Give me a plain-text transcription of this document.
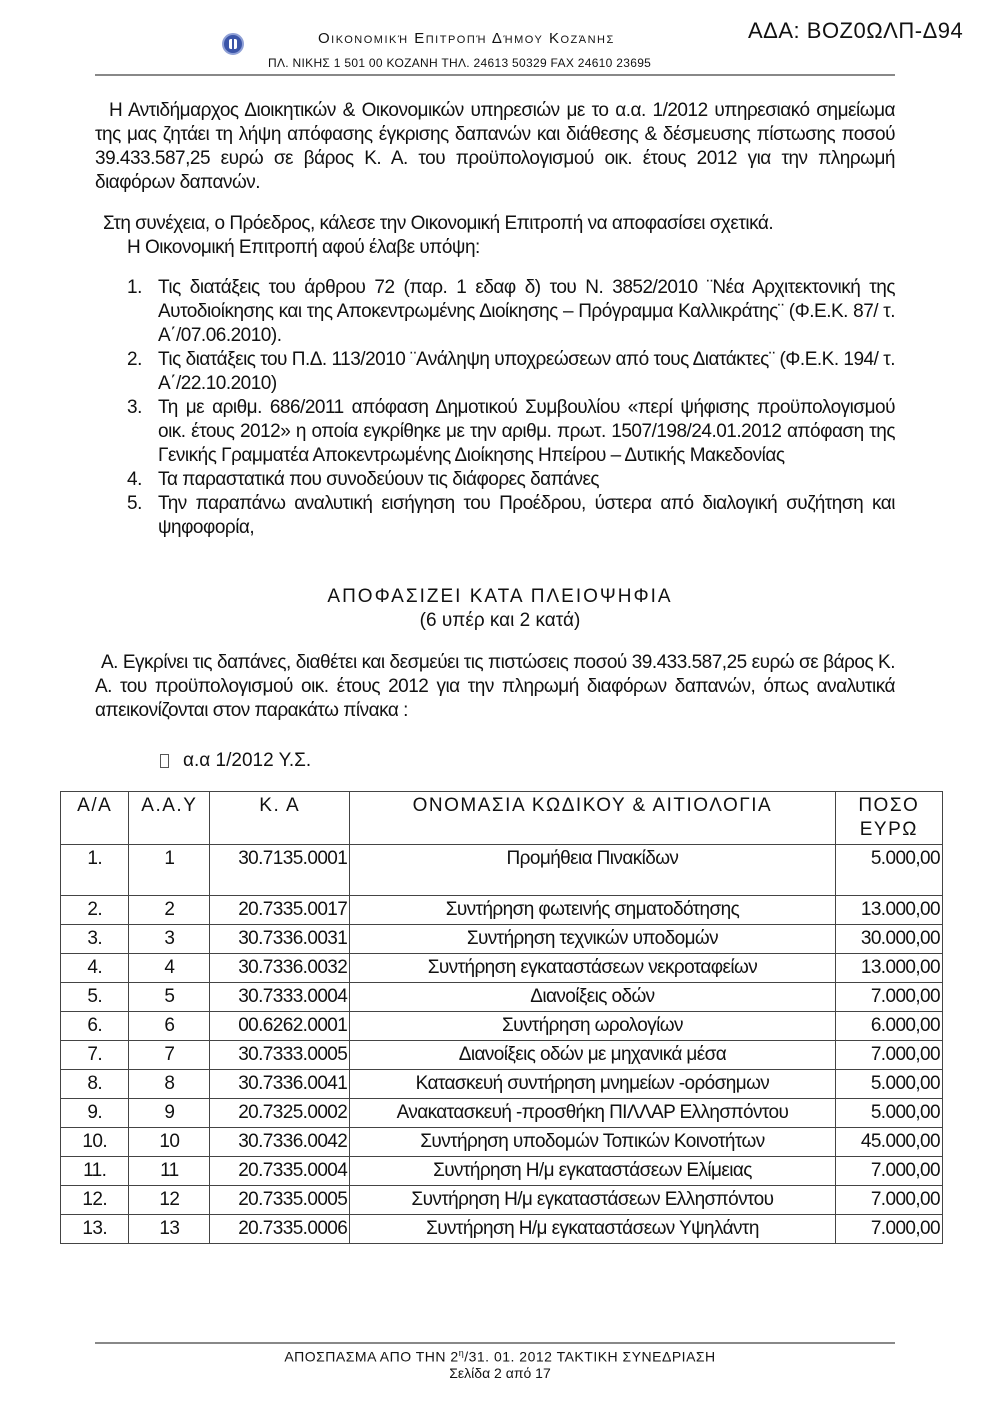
Οικονομική Επιτροπή Δήμου Κοζάνης
ΠΛ. ΝΙΚΗΣ 1 501 00 ΚΟΖΑΝΗ ΤΗΛ. 24613 50329 FAX 24610 23695
ΑΔΑ: ΒΟΖ0ΩΛΠ-Δ94
Η Αντιδήμαρχος Διοικητικών & Οικονομικών υπηρεσιών με το α.α. 1/2012 υπηρεσιακό σημείωμα της μας ζητάει τη λήψη απόφασης έγκρισης δαπανών και διάθεσης & δέσμευσης πίστωσης ποσού 39.433.587,25 ευρώ σε βάρος Κ. Α. του προϋπολογισμού οικ. έτους 2012 για την πληρωμή διαφόρων δαπανών.
Στη συνέχεια, ο Πρόεδρος, κάλεσε την Οικονομική Επιτροπή να αποφασίσει σχετικά.
Η Οικονομική Επιτροπή αφού έλαβε υπόψη:
1. Τις διατάξεις του άρθρου 72 (παρ. 1 εδαφ δ) του Ν. 3852/2010 ¨Νέα Αρχιτεκτονική της Αυτοδιοίκησης και της Αποκεντρωμένης Διοίκησης – Πρόγραμμα Καλλικράτης¨ (Φ.Ε.Κ. 87/ τ. Α΄/07.06.2010).
2. Τις διατάξεις του Π.Δ. 113/2010 ¨Ανάληψη υποχρεώσεων από τους Διατάκτες¨ (Φ.Ε.Κ. 194/ τ. Α΄/22.10.2010)
3. Τη με αριθμ. 686/2011 απόφαση Δημοτικού Συμβουλίου «περί ψήφισης προϋπολογισμού οικ. έτους 2012» η οποία εγκρίθηκε με την αριθμ. πρωτ. 1507/198/24.01.2012 απόφαση της Γενικής Γραμματέα Αποκεντρωμένης Διοίκησης Ηπείρου – Δυτικής Μακεδονίας
4. Τα παραστατικά που συνοδεύουν τις διάφορες δαπάνες
5. Την παραπάνω αναλυτική εισήγηση του Προέδρου, ύστερα από διαλογική συζήτηση και ψηφοφορία,
ΑΠΟΦΑΣΙΖΕΙ ΚΑΤΑ ΠΛΕΙΟΨΗΦΙΑ
(6 υπέρ και 2 κατά)
Α. Εγκρίνει τις δαπάνες, διαθέτει και δεσμεύει τις πιστώσεις ποσού 39.433.587,25 ευρώ σε βάρος Κ. Α. του προϋπολογισμού οικ. έτους 2012 για την πληρωμή διαφόρων δαπανών, όπως αναλυτικά απεικονίζονται στον παρακάτω πίνακα :
α.α 1/2012 Υ.Σ.
Α/Α	Α.Α.Υ	Κ. Α	ΟΝΟΜΑΣΙΑ ΚΩΔΙΚΟΥ & ΑΙΤΙΟΛΟΓΙΑ	ΠΟΣΟ ΕΥΡΩ
1.	1	30.7135.0001	Προμήθεια Πινακίδων	5.000,00
2.	2	20.7335.0017	Συντήρηση φωτεινής σηματοδότησης	13.000,00
3.	3	30.7336.0031	Συντήρηση τεχνικών υποδομών	30.000,00
4.	4	30.7336.0032	Συντήρηση εγκαταστάσεων νεκροταφείων	13.000,00
5.	5	30.7333.0004	Διανοίξεις οδών	7.000,00
6.	6	00.6262.0001	Συντήρηση ωρολογίων	6.000,00
7.	7	30.7333.0005	Διανοίξεις οδών με μηχανικά μέσα	7.000,00
8.	8	30.7336.0041	Κατασκευή συντήρηση μνημείων -ορόσημων	5.000,00
9.	9	20.7325.0002	Ανακατασκευή -προσθήκη ΠΙΛΛΑΡ Ελλησπόντου	5.000,00
10.	10	30.7336.0042	Συντήρηση υποδομών Τοπικών Κοινοτήτων	45.000,00
11.	11	20.7335.0004	Συντήρηση Η/μ εγκαταστάσεων Ελίμειας	7.000,00
12.	12	20.7335.0005	Συντήρηση Η/μ εγκαταστάσεων Ελλησπόντου	7.000,00
13.	13	20.7335.0006	Συντήρηση Η/μ εγκαταστάσεων Υψηλάντη	7.000,00
ΑΠΟΣΠΑΣΜΑ ΑΠΟ ΤΗΝ $2^\eta/31$. 01. 2012 ΤΑΚΤΙΚΗ ΣΥΝΕΔΡΙΑΣΗ
Σελίδα 2 από 17
